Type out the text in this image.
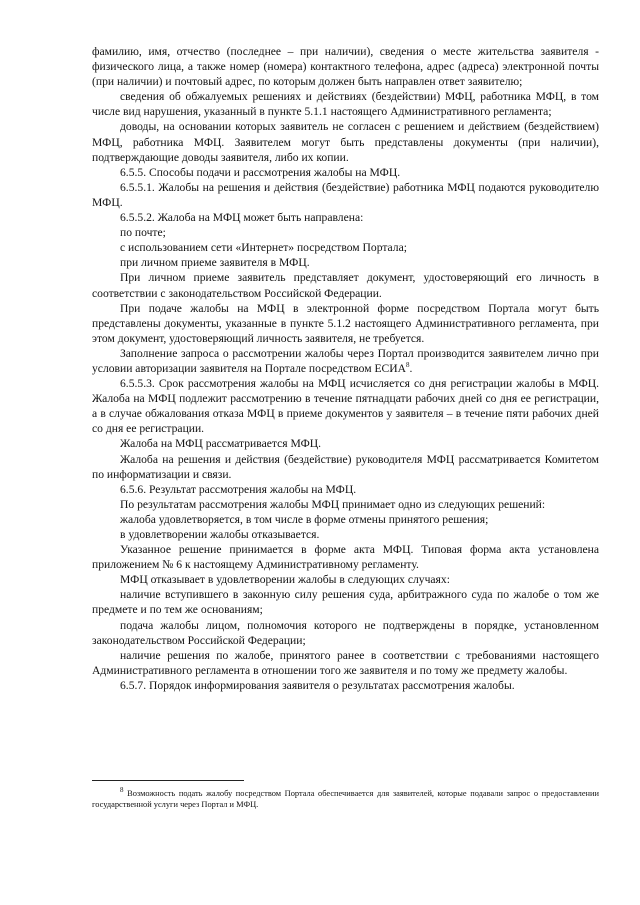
фамилию, имя, отчество (последнее – при наличии), сведения о месте жительства заявителя - физического лица, а также номер (номера) контактного телефона, адрес (адреса) электронной почты (при наличии) и почтовый адрес, по которым должен быть направлен ответ заявителю;

сведения об обжалуемых решениях и действиях (бездействии) МФЦ, работника МФЦ, в том числе вид нарушения, указанный в пункте 5.1.1 настоящего Административного регламента;

доводы, на основании которых заявитель не согласен с решением и действием (бездействием) МФЦ, работника МФЦ. Заявителем могут быть представлены документы (при наличии), подтверждающие доводы заявителя, либо их копии.

6.5.5. Способы подачи и рассмотрения жалобы на МФЦ.

6.5.5.1. Жалобы на решения и действия (бездействие) работника МФЦ подаются руководителю МФЦ.

6.5.5.2. Жалоба на МФЦ может быть направлена:

по почте;

с использованием сети «Интернет» посредством Портала;

при личном приеме заявителя в МФЦ.

При личном приеме заявитель представляет документ, удостоверяющий его личность в соответствии с законодательством Российской Федерации.

При подаче жалобы на МФЦ в электронной форме посредством Портала могут быть представлены документы, указанные в пункте 5.1.2 настоящего Административного регламента, при этом документ, удостоверяющий личность заявителя, не требуется.

Заполнение запроса о рассмотрении жалобы через Портал производится заявителем лично при условии авторизации заявителя на Портале посредством ЕСИА$^8$.

6.5.5.3. Срок рассмотрения жалобы на МФЦ исчисляется со дня регистрации жалобы в МФЦ. Жалоба на МФЦ подлежит рассмотрению в течение пятнадцати рабочих дней со дня ее регистрации, а в случае обжалования отказа МФЦ в приеме документов у заявителя – в течение пяти рабочих дней со дня ее регистрации.

Жалоба на МФЦ рассматривается МФЦ.

Жалоба на решения и действия (бездействие) руководителя МФЦ рассматривается Комитетом по информатизации и связи.

6.5.6. Результат рассмотрения жалобы на МФЦ.

По результатам рассмотрения жалобы МФЦ принимает одно из следующих решений:

жалоба удовлетворяется, в том числе в форме отмены принятого решения;

в удовлетворении жалобы отказывается.

Указанное решение принимается в форме акта МФЦ. Типовая форма акта установлена приложением № 6 к настоящему Административному регламенту.

МФЦ отказывает в удовлетворении жалобы в следующих случаях:

наличие вступившего в законную силу решения суда, арбитражного суда по жалобе о том же предмете и по тем же основаниям;

подача жалобы лицом, полномочия которого не подтверждены в порядке, установленном законодательством Российской Федерации;

наличие решения по жалобе, принятого ранее в соответствии с требованиями настоящего Административного регламента в отношении того же заявителя и по тому же предмету жалобы.

6.5.7. Порядок информирования заявителя о результатах рассмотрения жалобы.

$^8$ Возможность подать жалобу посредством Портала обеспечивается для заявителей, которые подавали запрос о предоставлении государственной услуги через Портал и МФЦ.
